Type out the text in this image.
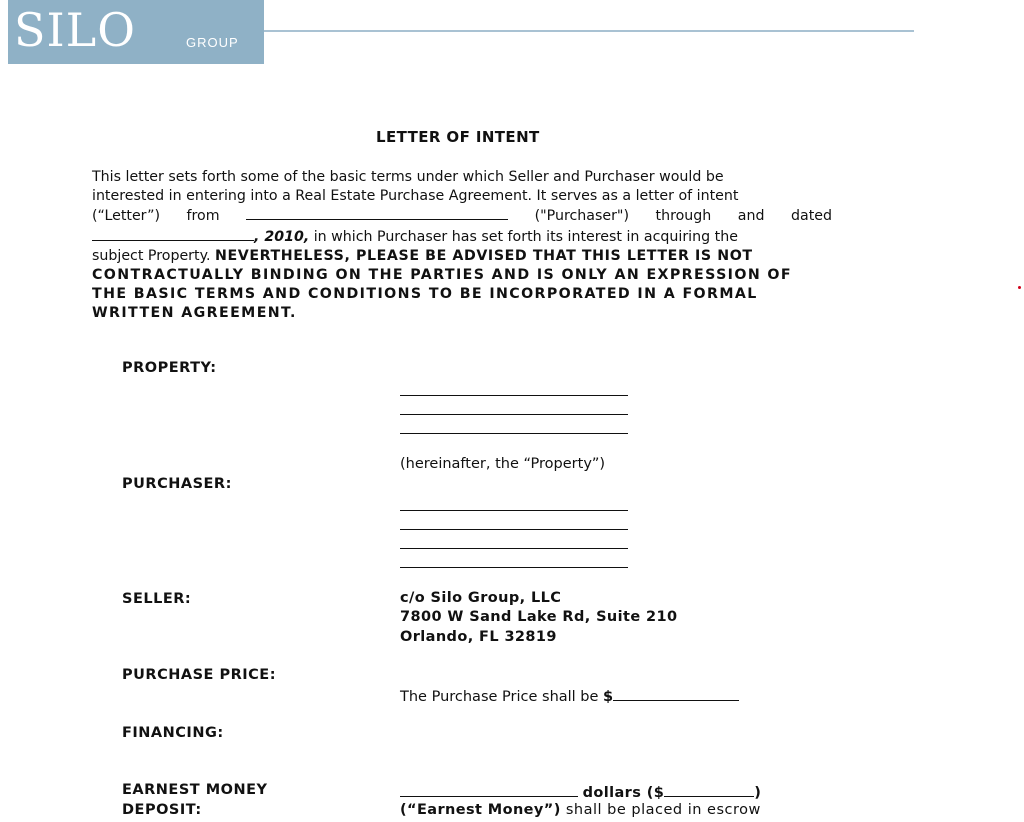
SILO	GROUP
LETTER OF INTENT
This letter sets forth some of the basic terms under which Seller and Purchaser would be
interested in entering into a Real Estate Purchase Agreement. It serves as a letter of intent
(“Letter”) from	("Purchaser") through and dated
, 2010, in which Purchaser has set forth its interest in acquiring the
subject Property. NEVERTHELESS, PLEASE BE ADVISED THAT THIS LETTER IS NOT
CONTRACTUALLY BINDING ON THE PARTIES AND IS ONLY AN EXPRESSION OF
THE BASIC TERMS AND CONDITIONS TO BE INCORPORATED IN A FORMAL
WRITTEN AGREEMENT.
PROPERTY:
(hereinafter, the “Property”)
PURCHASER:
SELLER:	c/o Silo Group, LLC
7800 W Sand Lake Rd, Suite 210
Orlando, FL 32819
PURCHASE PRICE:
The Purchase Price shall be $
FINANCING:
EARNEST MONEY
DEPOSIT:
dollars ($	)
(“Earnest Money”) shall be placed in escrow
